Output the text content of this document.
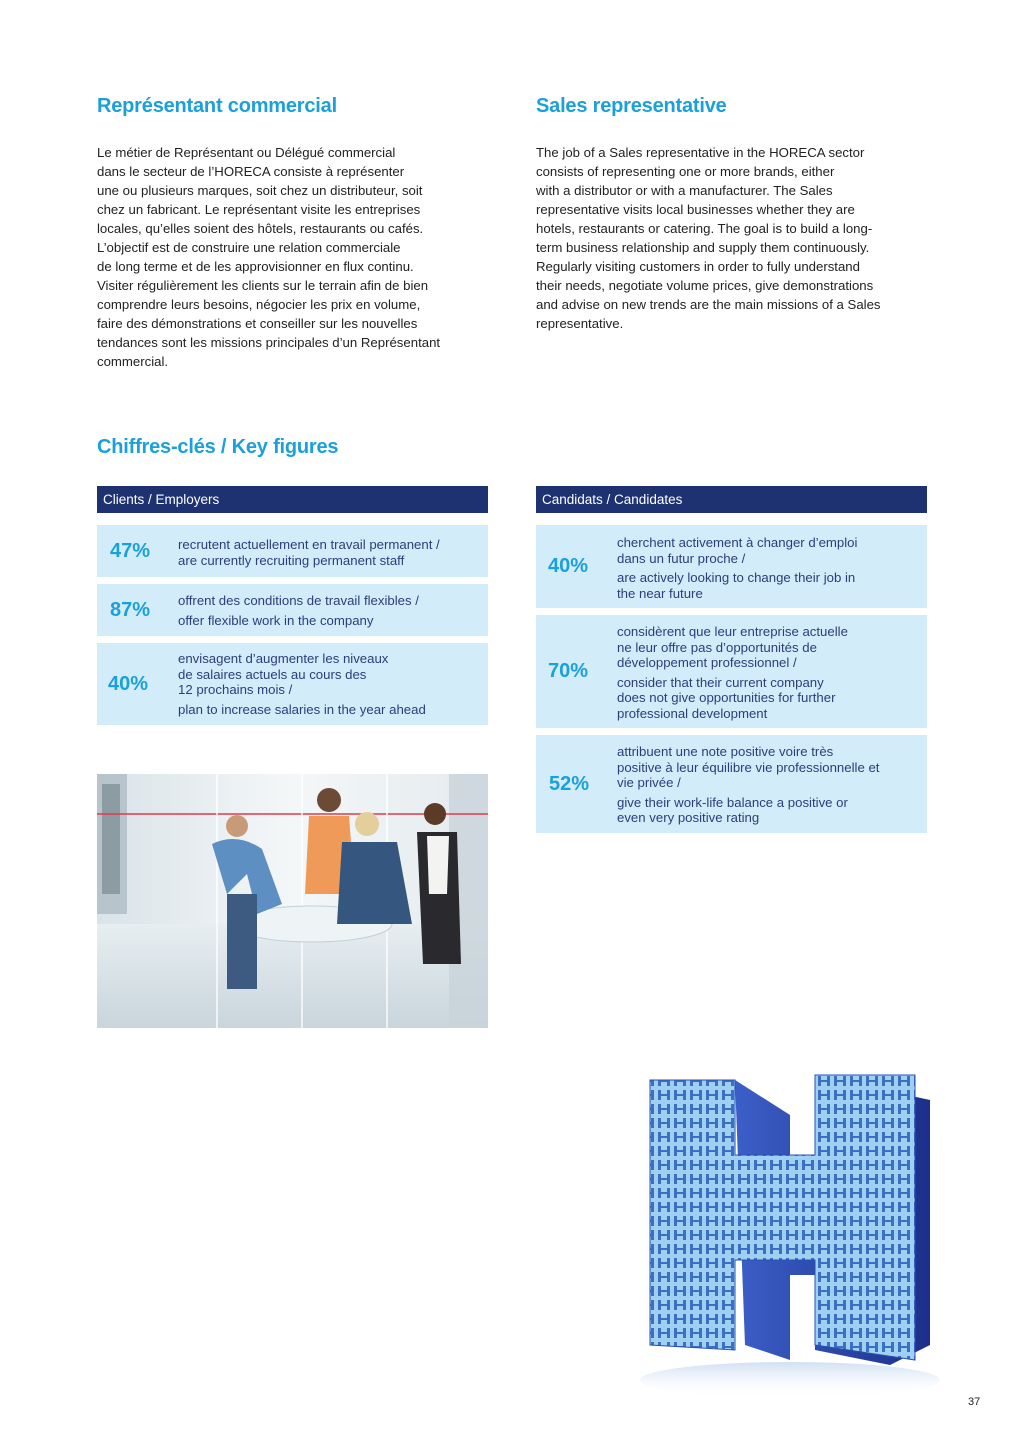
Représentant commercial

Le métier de Représentant ou Délégué commercial

dans le secteur de l’HORECA consiste à représenter

une ou plusieurs marques, soit chez un distributeur, soit

chez un fabricant. Le représentant visite les entreprises

locales, qu’elles soient des hôtels, restaurants ou cafés.

L’objectif est de construire une relation commerciale

de long terme et de les approvisionner en flux continu.

Visiter régulièrement les clients sur le terrain afin de bien

comprendre leurs besoins, négocier les prix en volume,

faire des démonstrations et conseiller sur les nouvelles

tendances sont les missions principales d’un Représentant

commercial.

Sales representative

The job of a Sales representative in the HORECA sector

consists of representing one or more brands, either

with a distributor or with a manufacturer. The Sales

representative visits local businesses whether they are

hotels, restaurants or catering. The goal is to build a long-

term business relationship and supply them continuously.

Regularly visiting customers in order to fully understand

their needs, negotiate volume prices, give demonstrations

and advise on new trends are the main missions of a Sales

representative.

Chiffres-clés / Key figures
Clients / Employers	Candidats / Candidates
47% recrutent actuellement en travail permanent /
are currently recruiting permanent staff
87% offrent des conditions de travail flexibles /
offer flexible work in the company
40%
envisagent d’augmenter les niveaux
de salaires actuels au cours des
12 prochains mois /
plan to increase salaries in the year ahead
40%
cherchent activement à changer d’emploi
dans un futur proche /
are actively looking to change their job in
the near future
70%
considèrent que leur entreprise actuelle
ne leur offre pas d’opportunités de
développement professionnel /
consider that their current company
does not give opportunities for further
professional development
52%
attribuent une note positive voire très
positive à leur équilibre vie professionnelle et
vie privée /
give their work-life balance a positive or
even very positive rating
37
